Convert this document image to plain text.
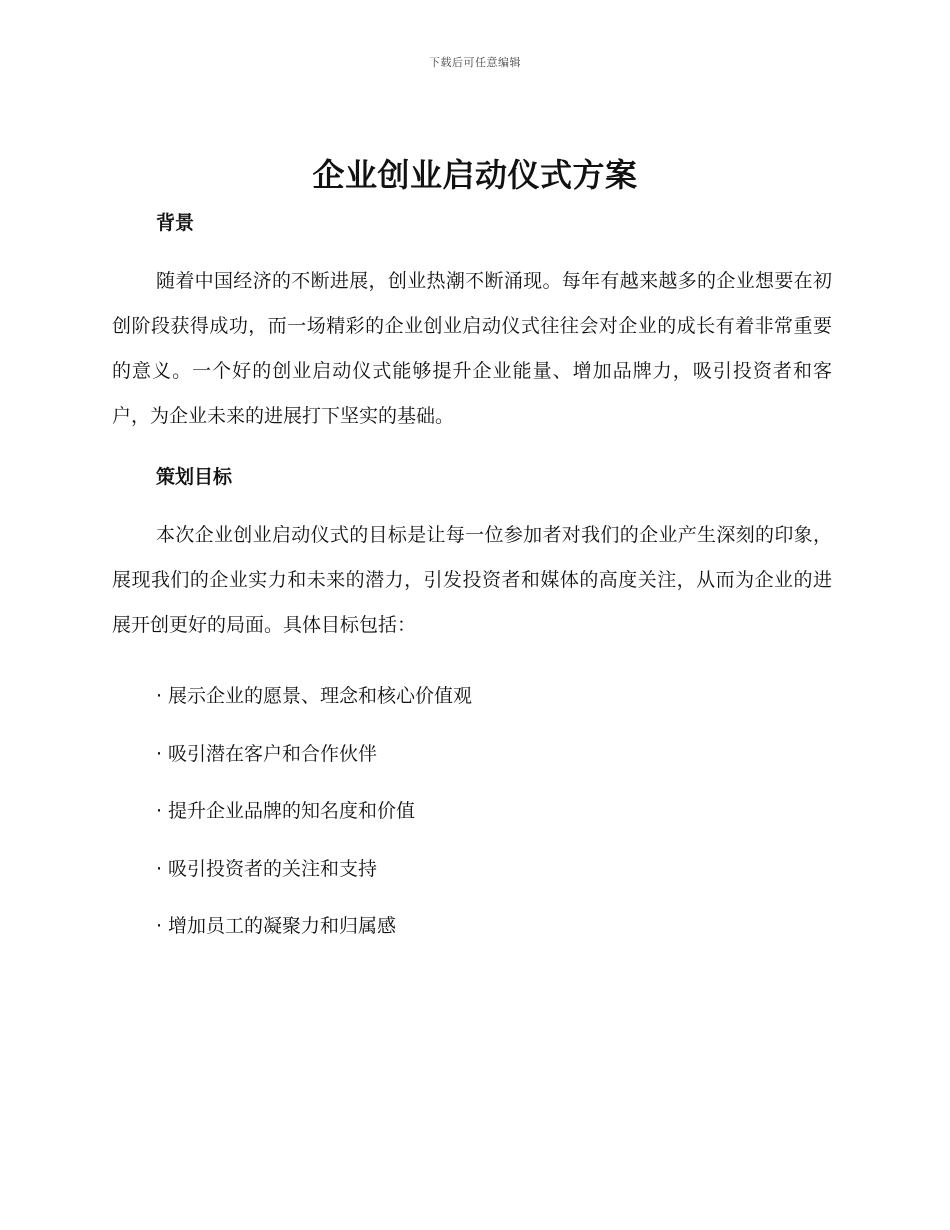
下载后可任意编辑
企业创业启动仪式方案
背景

随着中国经济的不断进展，创业热潮不断涌现。每年有越来越多的企业想要在初创阶段获得成功，而一场精彩的企业创业启动仪式往往会对企业的成长有着非常重要的意义。一个好的创业启动仪式能够提升企业能量、增加品牌力，吸引投资者和客户，为企业未来的进展打下坚实的基础。

策划目标

本次企业创业启动仪式的目标是让每一位参加者对我们的企业产生深刻的印象，展现我们的企业实力和未来的潜力，引发投资者和媒体的高度关注，从而为企业的进展开创更好的局面。具体目标包括：

· 展示企业的愿景、理念和核心价值观
· 吸引潜在客户和合作伙伴
· 提升企业品牌的知名度和价值
· 吸引投资者的关注和支持
· 增加员工的凝聚力和归属感
